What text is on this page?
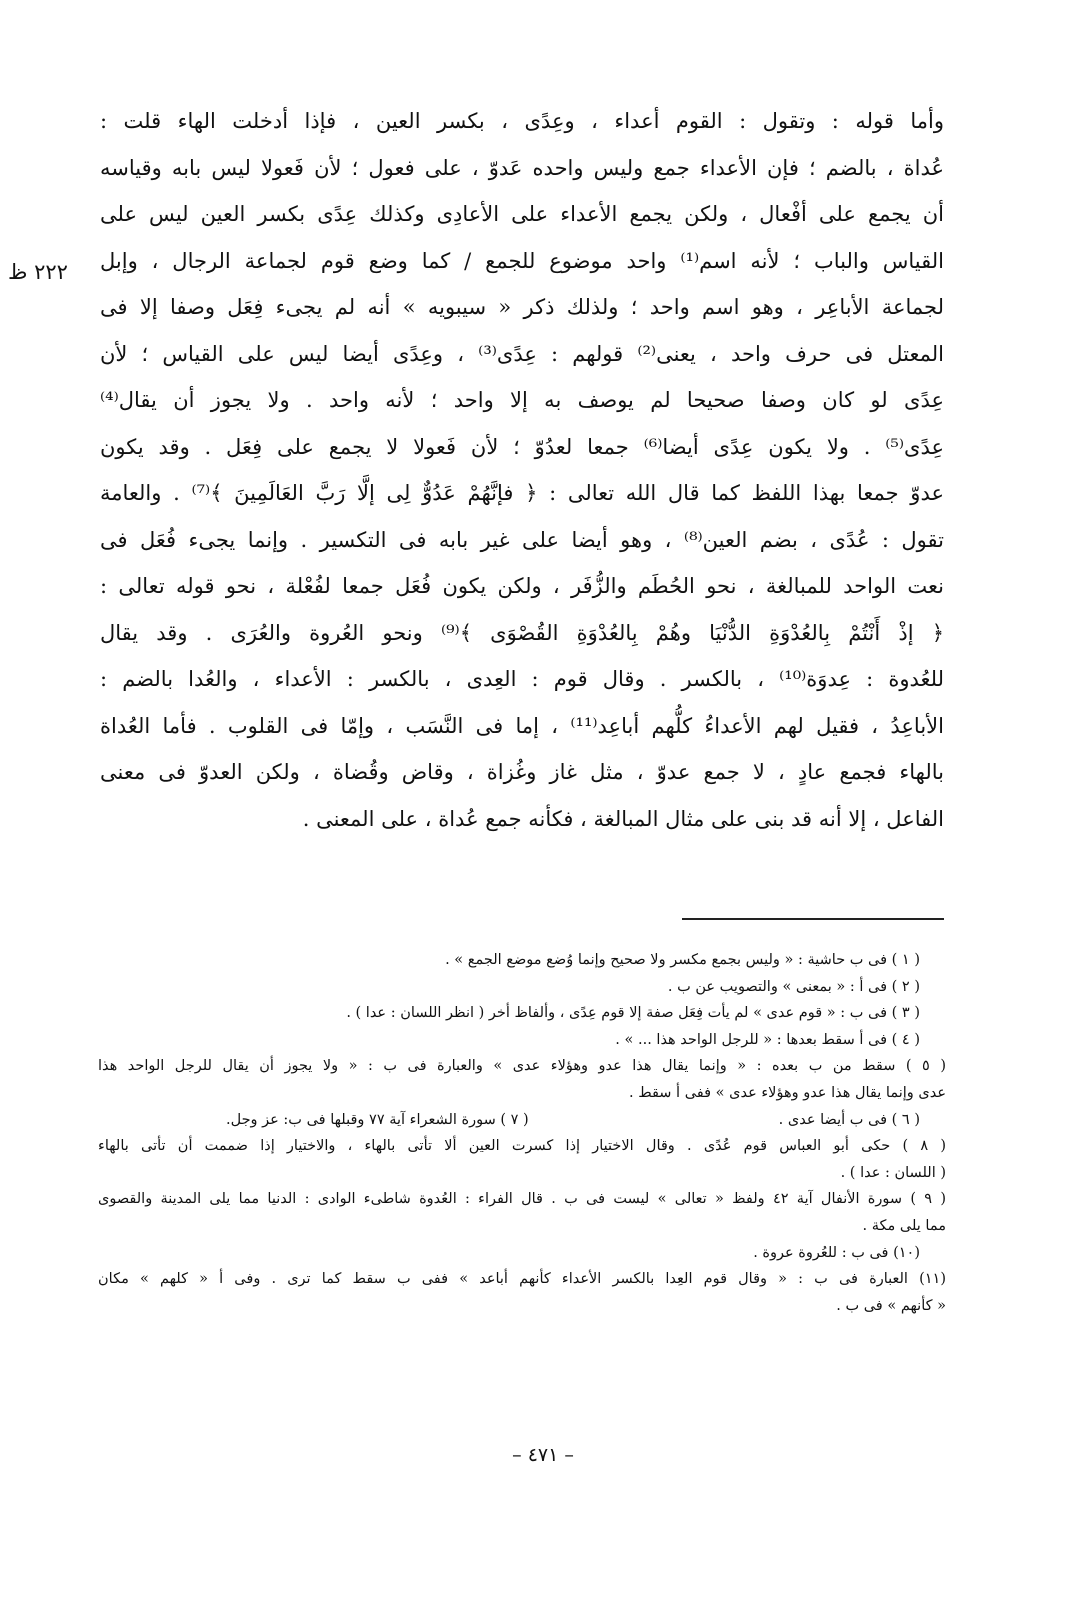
٢٢٢ ظ
وأما قوله : وتقول : القوم أعداء ، وعِدًى ، بكسر العين ، فإذا أدخلت الهاء قلت :
عُداة ، بالضم ؛ فإن الأعداء جمع وليس واحده عَدوّ ، على فعول ؛ لأن فَعولا ليس بابه وقياسه
أن يجمع على أفْعال ، ولكن يجمع الأعداء على الأعادِى وكذلك عِدًى بكسر العين ليس على
القياس والباب ؛ لأنه اسم⁽¹⁾ واحد موضوع للجمع / كما وضع قوم لجماعة الرجال ، وإبل
لجماعة الأباعِر ، وهو اسم واحد ؛ ولذلك ذكر « سيبويه » أنه لم يجىء فِعَل وصفا إلا فى
المعتل فى حرف واحد ، يعنى⁽²⁾ قولهم : عِدًى⁽³⁾ ، وعِدًى أيضا ليس على القياس ؛ لأن
عِدًى لو كان وصفا صحيحا لم يوصف به إلا واحد ؛ لأنه واحد . ولا يجوز أن يقال⁽⁴⁾
عِدًى⁽⁵⁾ . ولا يكون عِدًى أيضا⁽⁶⁾ جمعا لعدُوّ ؛ لأن فَعولا لا يجمع على فِعَل . وقد يكون
عدوّ جمعا بهذا اللفظ كما قال الله تعالى : ﴿ فإنَّهُمْ عَدُوٌّ لِى إلَّا رَبَّ العَالَمِينَ ﴾⁽⁷⁾ . والعامة
تقول : عُدًى ، بضم العين⁽⁸⁾ ، وهو أيضا على غير بابه فى التكسير . وإنما يجىء فُعَل فى
نعت الواحد للمبالغة ، نحو الحُطَم والزُّفَر ، ولكن يكون فُعَل جمعا لفُعْلة ، نحو قوله تعالى :
﴿ إذْ أَنْتُمْ بِالعُدْوَةِ الدُّنْيَا وهُمْ بِالعُدْوَةِ القُصْوَى ﴾⁽⁹⁾ ونحو العُروة والعُرَى . وقد يقال
للعُدوة : عِدوَة⁽¹⁰⁾ ، بالكسر . وقال قوم : العِدى ، بالكسر : الأعداء ، والعُدا بالضم :
الأباعِدُ ، فقيل لهم الأعداءُ كلُّهم أباعِد⁽¹¹⁾ ، إما فى النَّسَب ، وإمّا فى القلوب . فأما العُداة
بالهاء فجمع عادٍ ، لا جمع عدوّ ، مثل غاز وغُزاة ، وقاض وقُضاة ، ولكن العدوّ فى معنى
الفاعل ، إلا أنه قد بنى على مثال المبالغة ، فكأنه جمع عُداة ، على المعنى .
( ١ ) فى ب حاشية : « وليس بجمع مكسر ولا صحيح وإنما وُضع موضع الجمع » .
( ٢ ) فى أ : « بمعنى » والتصويب عن ب .
( ٣ ) فى ب : « قوم عدى » لم يأت فِعَل صفة إلا قوم عِدًى ، وألفاظ أخر ( انظر اللسان : عدا ) .
( ٤ ) فى أ سقط بعدها : « للرجل الواحد هذا ... » .
( ٥ ) سقط من ب بعده : « وإنما يقال هذا عدو وهؤلاء عدى » والعبارة فى ب : « ولا يجوز أن يقال للرجل الواحد هذا
عدى وإنما يقال هذا عدو وهؤلاء عدى » ففى أ سقط .
( ٦ ) فى ب أيضا عدى .
( ٧ ) سورة الشعراء آية ٧٧ وقبلها فى ب: عز وجل.
( ٨ ) حكى أبو العباس قوم عُدًى . وقال الاختيار إذا كسرت العين ألا تأتى بالهاء ، والاختيار إذا ضممت أن تأتى بالهاء
( اللسان : عدا ) .
( ٩ ) سورة الأنفال آية ٤٢ ولفظ « تعالى » ليست فى ب . قال الفراء : العُدوة شاطىء الوادى : الدنيا مما يلى المدينة والقصوى
مما يلى مكة .
(١٠) فى ب : للعُروة عروة .
(١١) العبارة فى ب : « وقال قوم العِدا بالكسر الأعداء كأنهم أباعد » ففى ب سقط كما ترى . وفى أ « كلهم » مكان
« كأنهم » فى ب .
– ٤٧١ –
